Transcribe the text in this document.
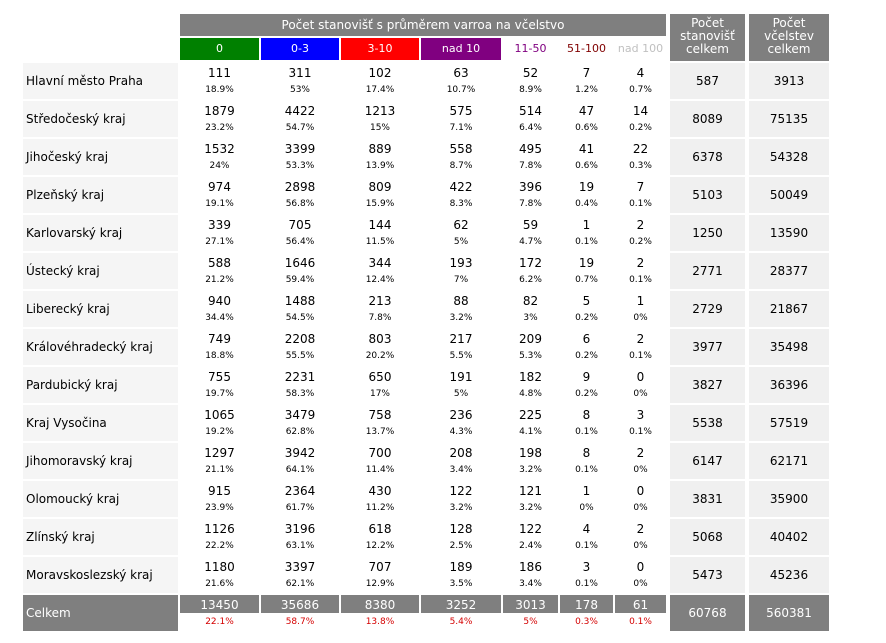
Počet stanovišť s průměrem varroa na včelstvo
0	0-3	3-10	nad 10	11-50	51-100	nad 100
Počet stanovišť celkem
Počet včelstev celkem
Hlavní město Praha
111
18.9%
311
53%
102
17.4%
63
10.7%
52
8.9%
7
1.2%
4
0.7%
587	3913
Středočeský kraj
1879
23.2%
4422
54.7%
1213
15%
575
7.1%
514
6.4%
47
0.6%
14
0.2%
8089	75135
Jihočeský kraj
1532
24%
3399
53.3%
889
13.9%
558
8.7%
495
7.8%
41
0.6%
22
0.3%
6378	54328
Plzeňský kraj
974
19.1%
2898
56.8%
809
15.9%
422
8.3%
396
7.8%
19
0.4%
7
0.1%
5103	50049
Karlovarský kraj
339
27.1%
705
56.4%
144
11.5%
62
5%
59
4.7%
1
0.1%
2
0.2%
1250	13590
Ústecký kraj
588
21.2%
1646
59.4%
344
12.4%
193
7%
172
6.2%
19
0.7%
2
0.1%
2771	28377
Liberecký kraj
940
34.4%
1488
54.5%
213
7.8%
88
3.2%
82
3%
5
0.2%
1
0%
2729	21867
Královéhradecký kraj
749
18.8%
2208
55.5%
803
20.2%
217
5.5%
209
5.3%
6
0.2%
2
0.1%
3977	35498
Pardubický kraj
755
19.7%
2231
58.3%
650
17%
191
5%
182
4.8%
9
0.2%
0
0%
3827	36396
Kraj Vysočina
1065
19.2%
3479
62.8%
758
13.7%
236
4.3%
225
4.1%
8
0.1%
3
0.1%
5538	57519
Jihomoravský kraj
1297
21.1%
3942
64.1%
700
11.4%
208
3.4%
198
3.2%
8
0.1%
2
0%
6147	62171
Olomoucký kraj
915
23.9%
2364
61.7%
430
11.2%
122
3.2%
121
3.2%
1
0%
0
0%
3831	35900
Zlínský kraj
1126
22.2%
3196
63.1%
618
12.2%
128
2.5%
122
2.4%
4
0.1%
2
0%
5068	40402
Moravskoslezský kraj
1180
21.6%
3397
62.1%
707
12.9%
189
3.5%
186
3.4%
3
0.1%
0
0%
5473	45236
Celkem
13450
22.1%
35686
58.7%
8380
13.8%
3252
5.4%
3013
5%
178
0.3%
61
0.1%
60768	560381
